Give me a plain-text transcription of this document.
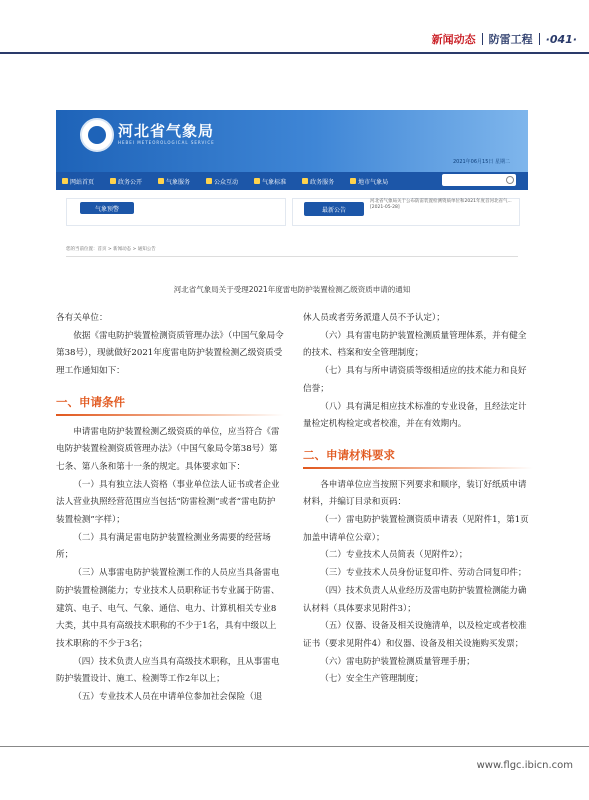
新闻动态 防雷工程 ·041·
河北省气象局
HEBEI METEOROLOGICAL SERVICE
2021年06月15日 星期二
网站首页	政务公开	气象服务	公众互动	气象标准	政务服务	地市气象局
气象预警	最新公告
河北省气象局关于公布防雷装置检测资质单位和2021年度首河北省气...[2021-05-28]
您的当前位置：首页 > 新闻动态 > 通知公告
河北省气象局关于受理2021年度雷电防护装置检测乙级资质申请的通知

各有关单位：

依据《雷电防护装置检测资质管理办法》（中国气象局令第38号），现就做好2021年度雷电防护装置检测乙级资质受理工作通知如下：

一、申请条件

申请雷电防护装置检测乙级资质的单位，应当符合《雷电防护装置检测资质管理办法》（中国气象局令第38号）第七条、第八条和第十一条的规定。具体要求如下：

（一）具有独立法人资格（事业单位法人证书或者企业法人营业执照经营范围应当包括“防雷检测”或者“雷电防护装置检测”字样）；

（二）具有满足雷电防护装置检测业务需要的经营场所；

（三）从事雷电防护装置检测工作的人员应当具备雷电防护装置检测能力；专业技术人员职称证书专业属于防雷、建筑、电子、电气、气象、通信、电力、计算机相关专业8大类，其中具有高级技术职称的不少于1名，具有中级以上技术职称的不少于3名；

（四）技术负责人应当具有高级技术职称，且从事雷电防护装置设计、施工、检测等工作2年以上；

（五）专业技术人员在申请单位参加社会保险（退

休人员或者劳务派遣人员不予认定）；

（六）具有雷电防护装置检测质量管理体系，并有健全的技术、档案和安全管理制度；

（七）具有与所申请资质等级相适应的技术能力和良好信誉；

（八）具有满足相应技术标准的专业设备，且经法定计量检定机构检定或者校准，并在有效期内。

二、申请材料要求

各申请单位应当按照下列要求和顺序，装订好纸质申请材料，并编订目录和页码：

（一）雷电防护装置检测资质申请表（见附件1，第1页加盖申请单位公章）；

（二）专业技术人员简表（见附件2）；

（三）专业技术人员身份证复印件、劳动合同复印件；

（四）技术负责人从业经历及雷电防护装置检测能力确认材料（具体要求见附件3）；

（五）仪器、设备及相关设施清单，以及检定或者校准证书（要求见附件4）和仪器、设备及相关设施购买发票；

（六）雷电防护装置检测质量管理手册；

（七）安全生产管理制度；

www.flgc.ibicn.com
